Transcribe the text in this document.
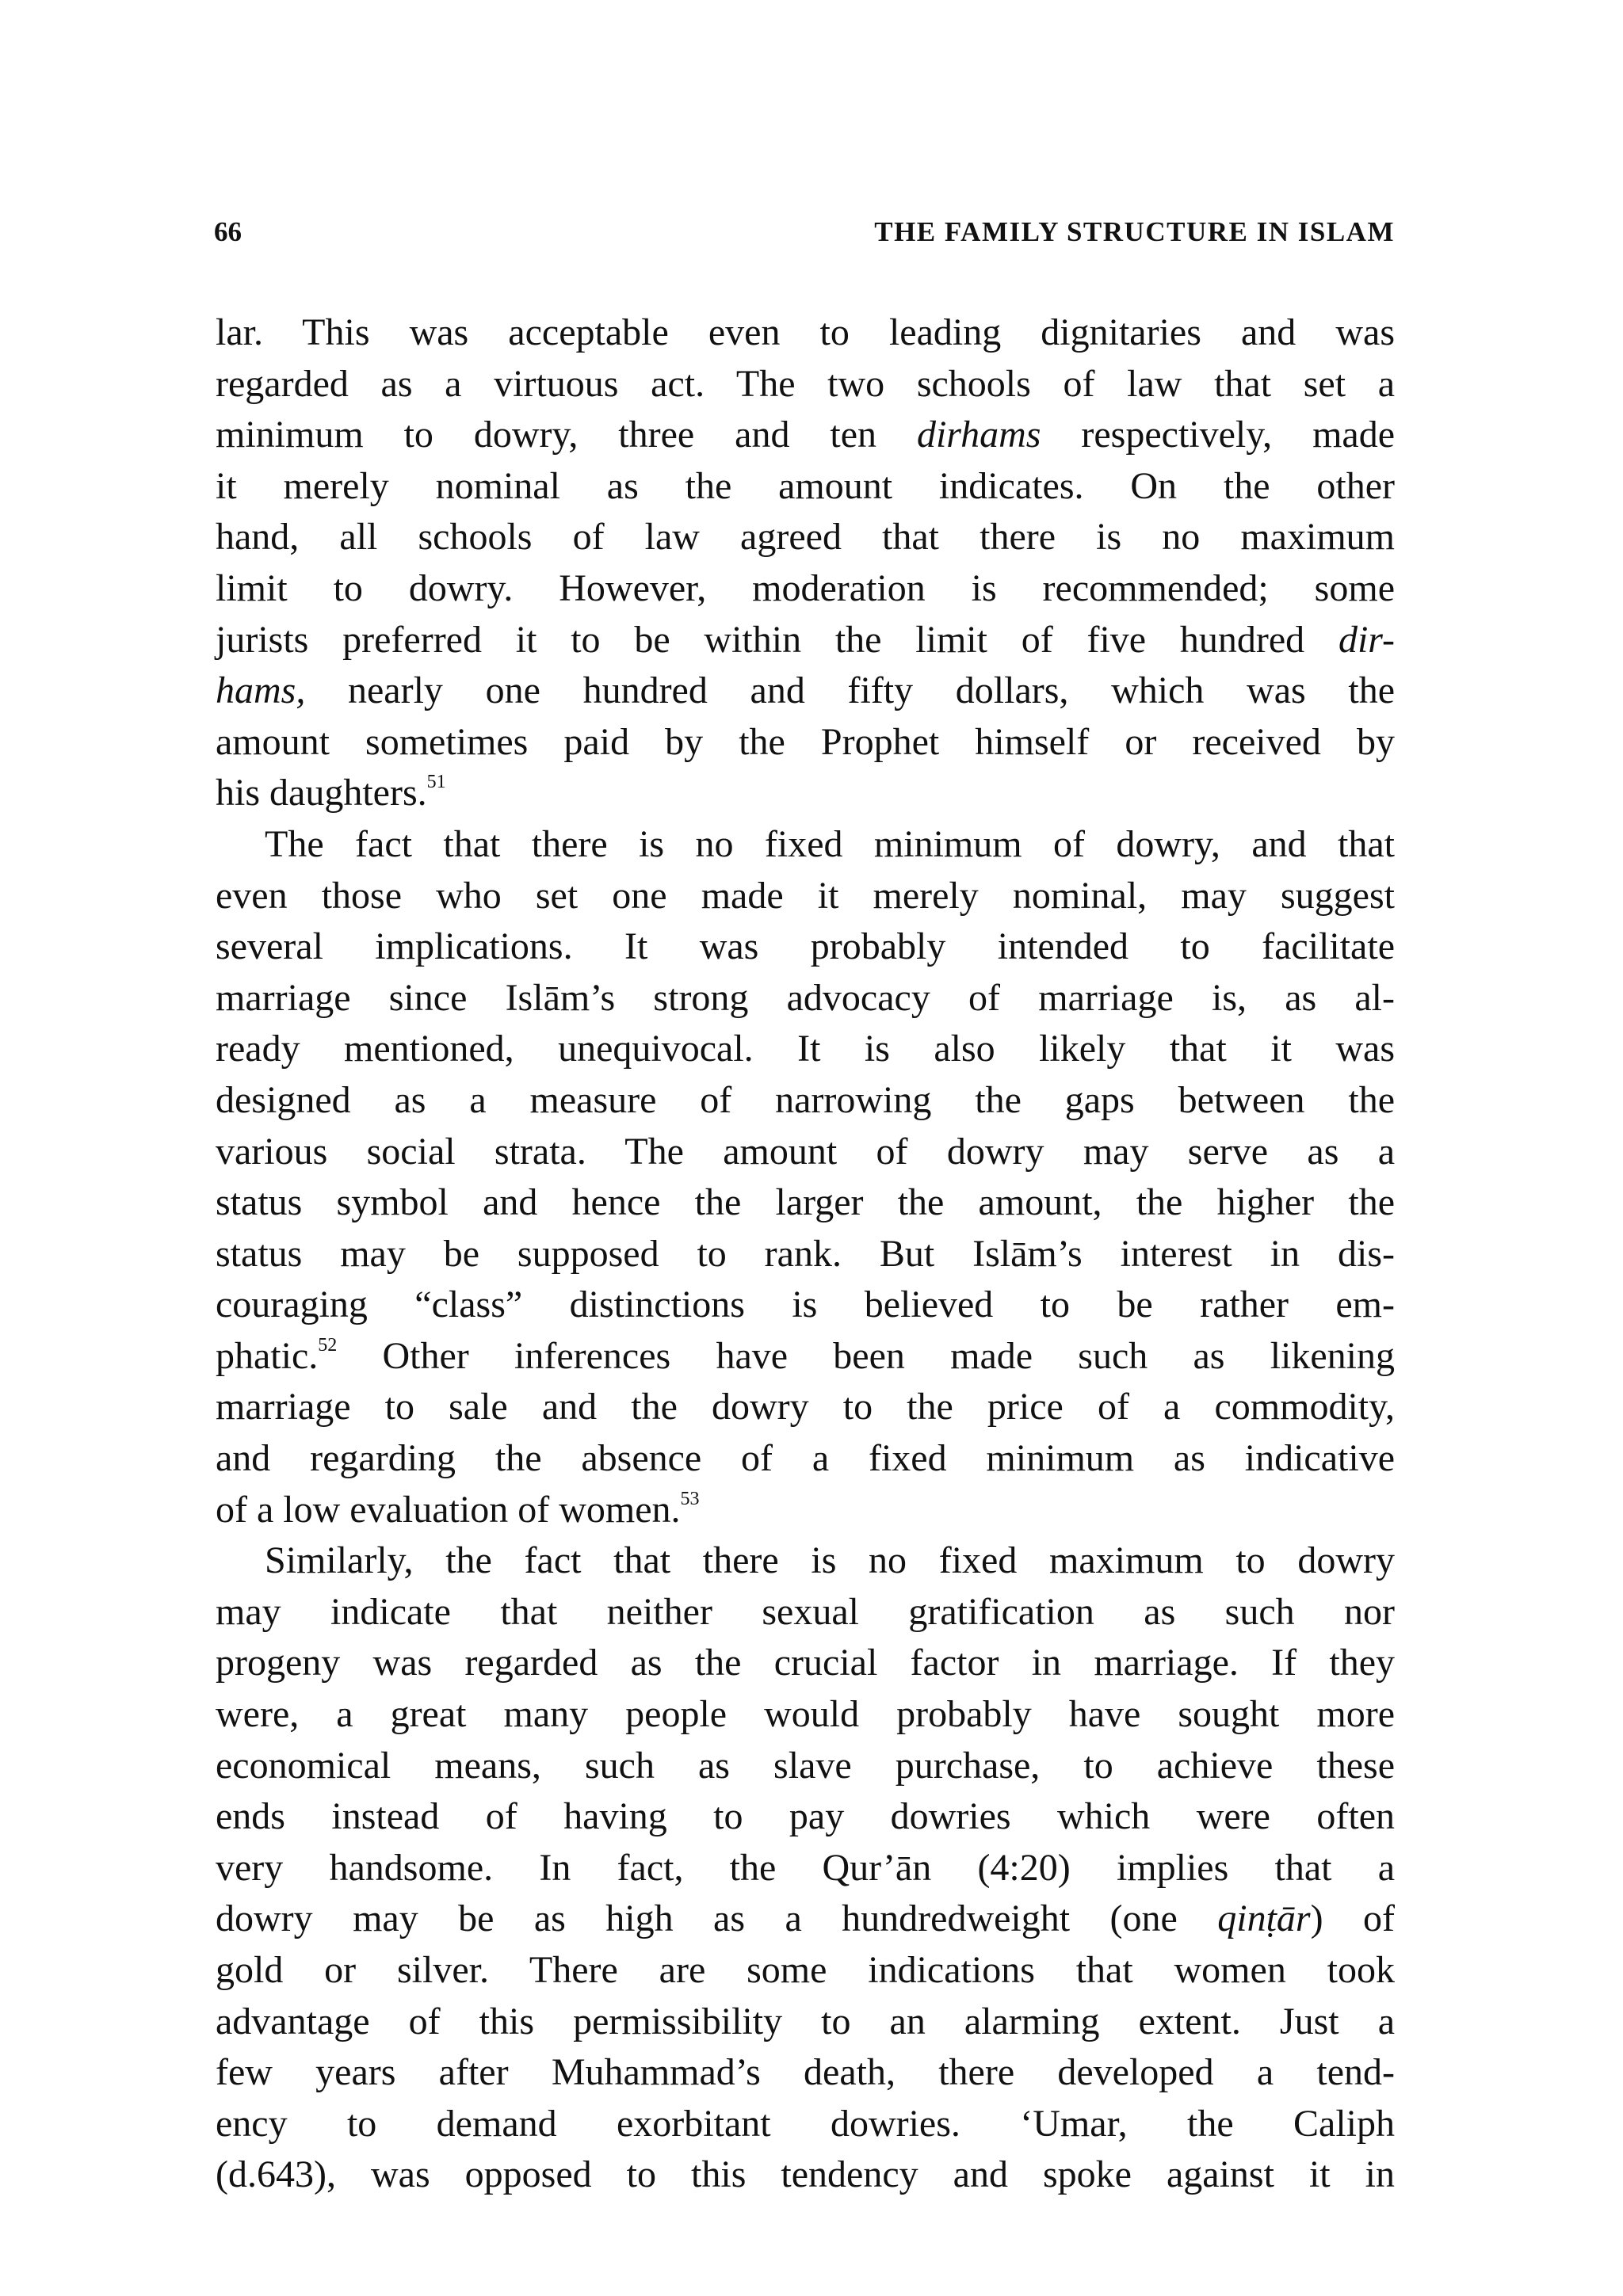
66	THE FAMILY STRUCTURE IN ISLAM
lar. This was acceptable even to leading dignitaries and was
regarded as a virtuous act. The two schools of law that set a
minimum to dowry, three and ten dirhams respectively, made
it merely nominal as the amount indicates. On the other
hand, all schools of law agreed that there is no maximum
limit to dowry. However, moderation is recommended; some
jurists preferred it to be within the limit of five hundred dir-
hams, nearly one hundred and fifty dollars, which was the
amount sometimes paid by the Prophet himself or received by
his daughters.$^{51}$
The fact that there is no fixed minimum of dowry, and that
even those who set one made it merely nominal, may suggest
several implications. It was probably intended to facilitate
marriage since Islām’s strong advocacy of marriage is, as al-
ready mentioned, unequivocal. It is also likely that it was
designed as a measure of narrowing the gaps between the
various social strata. The amount of dowry may serve as a
status symbol and hence the larger the amount, the higher the
status may be supposed to rank. But Islām’s interest in dis-
couraging “class” distinctions is believed to be rather em-
phatic.$^{52}$ Other inferences have been made such as likening
marriage to sale and the dowry to the price of a commodity,
and regarding the absence of a fixed minimum as indicative
of a low evaluation of women.$^{53}$
Similarly, the fact that there is no fixed maximum to dowry
may indicate that neither sexual gratification as such nor
progeny was regarded as the crucial factor in marriage. If they
were, a great many people would probably have sought more
economical means, such as slave purchase, to achieve these
ends instead of having to pay dowries which were often
very handsome. In fact, the Qur’ān (4:20) implies that a
dowry may be as high as a hundredweight (one qinṭār) of
gold or silver. There are some indications that women took
advantage of this permissibility to an alarming extent. Just a
few years after Muhammad’s death, there developed a tend-
ency to demand exorbitant dowries. ‘Umar, the Caliph
(d.643), was opposed to this tendency and spoke against it in
